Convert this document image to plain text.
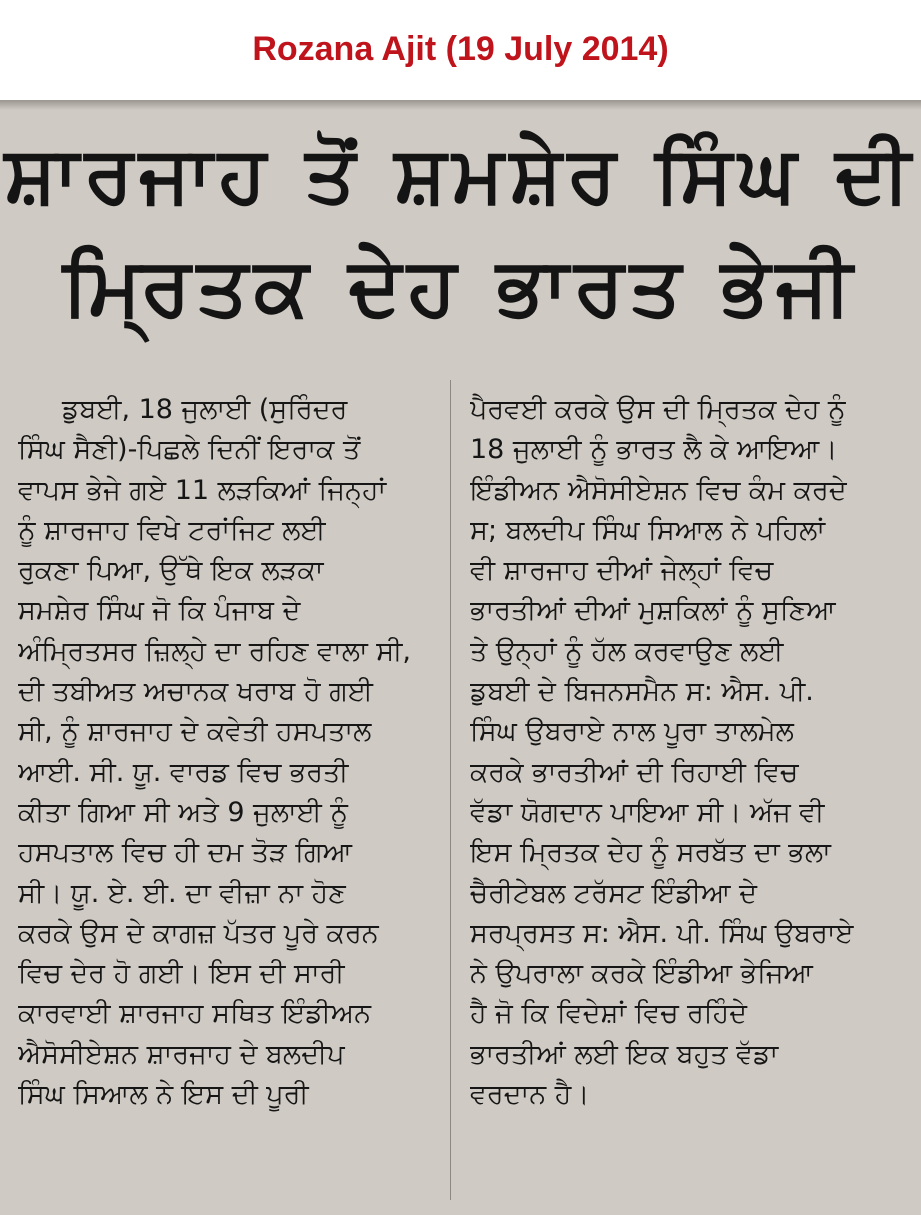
Rozana Ajit (19 July 2014)
ਸ਼ਾਰਜਾਹ ਤੋਂ ਸ਼ਮਸ਼ੇਰ ਸਿੰਘ ਦੀ
ਮ੍ਰਿਤਕ ਦੇਹ ਭਾਰਤ ਭੇਜੀ
ਡੁਬਈ, 18 ਜੁਲਾਈ (ਸੁਰਿੰਦਰ
ਸਿੰਘ ਸੈਣੀ)-ਪਿਛਲੇ ਦਿਨੀਂ ਇਰਾਕ ਤੋਂ
ਵਾਪਸ ਭੇਜੇ ਗਏ 11 ਲੜਕਿਆਂ ਜਿਨ੍ਹਾਂ
ਨੂੰ ਸ਼ਾਰਜਾਹ ਵਿਖੇ ਟਰਾਂਜਿਟ ਲਈ
ਰੁਕਣਾ ਪਿਆ, ਉੱਥੇ ਇਕ ਲੜਕਾ
ਸਮਸ਼ੇਰ ਸਿੰਘ ਜੋ ਕਿ ਪੰਜਾਬ ਦੇ
ਅੰਮ੍ਰਿਤਸਰ ਜ਼ਿਲ੍ਹੇ ਦਾ ਰਹਿਣ ਵਾਲਾ ਸੀ,
ਦੀ ਤਬੀਅਤ ਅਚਾਨਕ ਖਰਾਬ ਹੋ ਗਈ
ਸੀ, ਨੂੰ ਸ਼ਾਰਜਾਹ ਦੇ ਕਵੇਤੀ ਹਸਪਤਾਲ
ਆਈ. ਸੀ. ਯੂ. ਵਾਰਡ ਵਿਚ ਭਰਤੀ
ਕੀਤਾ ਗਿਆ ਸੀ ਅਤੇ 9 ਜੁਲਾਈ ਨੂੰ
ਹਸਪਤਾਲ ਵਿਚ ਹੀ ਦਮ ਤੋੜ ਗਿਆ
ਸੀ। ਯੂ. ਏ. ਈ. ਦਾ ਵੀਜ਼ਾ ਨਾ ਹੋਣ
ਕਰਕੇ ਉਸ ਦੇ ਕਾਗਜ਼ ਪੱਤਰ ਪੂਰੇ ਕਰਨ
ਵਿਚ ਦੇਰ ਹੋ ਗਈ। ਇਸ ਦੀ ਸਾਰੀ
ਕਾਰਵਾਈ ਸ਼ਾਰਜਾਹ ਸਥਿਤ ਇੰਡੀਅਨ
ਐਸੋਸੀਏਸ਼ਨ ਸ਼ਾਰਜਾਹ ਦੇ ਬਲਦੀਪ
ਸਿੰਘ ਸਿਆਲ ਨੇ ਇਸ ਦੀ ਪੂਰੀ
ਪੈਰਵਈ ਕਰਕੇ ਉਸ ਦੀ ਮ੍ਰਿਤਕ ਦੇਹ ਨੂੰ
18 ਜੁਲਾਈ ਨੂੰ ਭਾਰਤ ਲੈ ਕੇ ਆਇਆ।
ਇੰਡੀਅਨ ਐਸੋਸੀਏਸ਼ਨ ਵਿਚ ਕੰਮ ਕਰਦੇ
ਸ; ਬਲਦੀਪ ਸਿੰਘ ਸਿਆਲ ਨੇ ਪਹਿਲਾਂ
ਵੀ ਸ਼ਾਰਜਾਹ ਦੀਆਂ ਜੇਲ੍ਹਾਂ ਵਿਚ
ਭਾਰਤੀਆਂ ਦੀਆਂ ਮੁਸ਼ਕਿਲਾਂ ਨੂੰ ਸੁਣਿਆ
ਤੇ ਉਨ੍ਹਾਂ ਨੂੰ ਹੱਲ ਕਰਵਾਉਣ ਲਈ
ਡੁਬਈ ਦੇ ਬਿਜਨਸਮੈਨ ਸ: ਐਸ. ਪੀ.
ਸਿੰਘ ਉਬਰਾਏ ਨਾਲ ਪੂਰਾ ਤਾਲਮੇਲ
ਕਰਕੇ ਭਾਰਤੀਆਂ ਦੀ ਰਿਹਾਈ ਵਿਚ
ਵੱਡਾ ਯੋਗਦਾਨ ਪਾਇਆ ਸੀ। ਅੱਜ ਵੀ
ਇਸ ਮ੍ਰਿਤਕ ਦੇਹ ਨੂੰ ਸਰਬੱਤ ਦਾ ਭਲਾ
ਚੈਰੀਟੇਬਲ ਟਰੱਸਟ ਇੰਡੀਆ ਦੇ
ਸਰਪ੍ਰਸਤ ਸ: ਐਸ. ਪੀ. ਸਿੰਘ ਉਬਰਾਏ
ਨੇ ਉਪਰਾਲਾ ਕਰਕੇ ਇੰਡੀਆ ਭੇਜਿਆ
ਹੈ ਜੋ ਕਿ ਵਿਦੇਸ਼ਾਂ ਵਿਚ ਰਹਿੰਦੇ
ਭਾਰਤੀਆਂ ਲਈ ਇਕ ਬਹੁਤ ਵੱਡਾ
ਵਰਦਾਨ ਹੈ।
